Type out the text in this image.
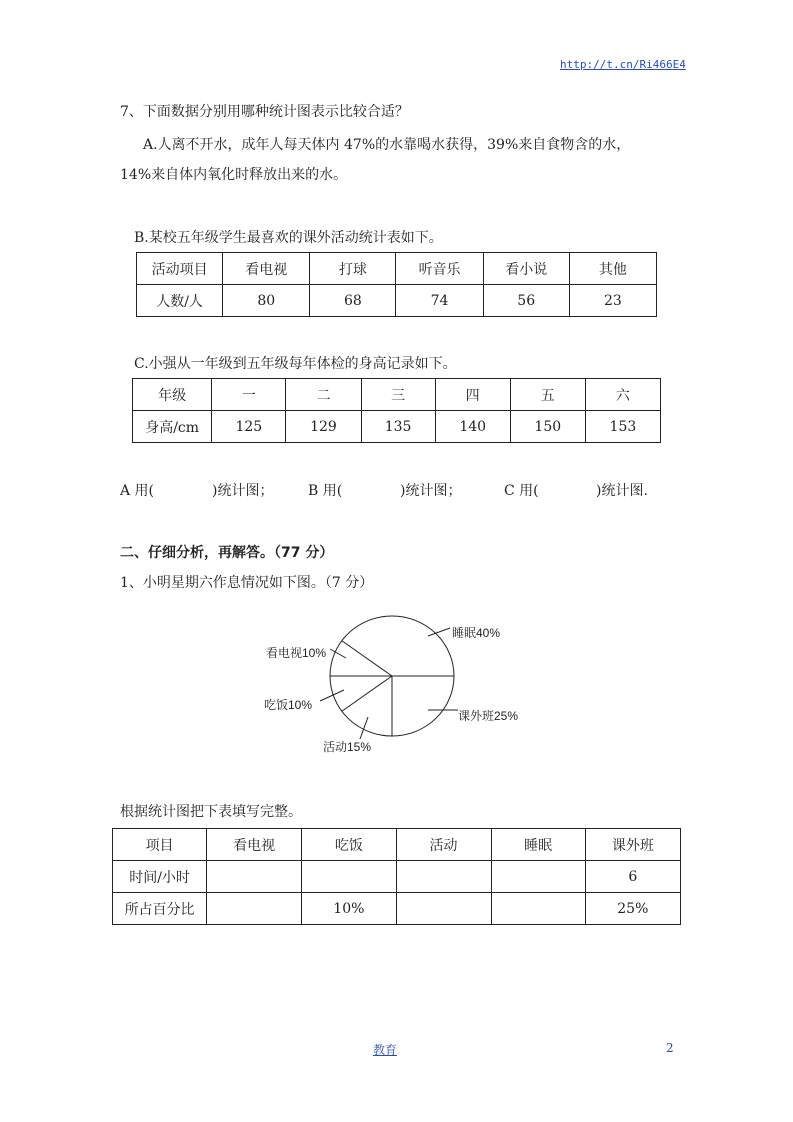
http://t.cn/Ri466E4
7、下面数据分别用哪种统计图表示比较合适？
A.人离不开水，成年人每天体内 47%的水靠喝水获得，39%来自食物含的水，
14%来自体内氧化时释放出来的水。
B.某校五年级学生最喜欢的课外活动统计表如下。
活动项目	看电视	打球	听音乐	看小说	其他
人数/人	80	68	74	56	23
C.小强从一年级到五年级每年体检的身高记录如下。
年级	一	二	三	四	五	六
身高/cm	125	129	135	140	150	153
A 用(	)统计图； B 用(	)统计图；	C 用(	)统计图.
二、仔细分析，再解答。（77 分）
1、小明星期六作息情况如下图。（7 分）
睡眠40%
课外班25%
活动15%
吃饭10%
看电视10%
根据统计图把下表填写完整。
项目	看电视	吃饭	活动	睡眠	课外班
时间/小时					6
所占百分比		10%			25%
教育	2
